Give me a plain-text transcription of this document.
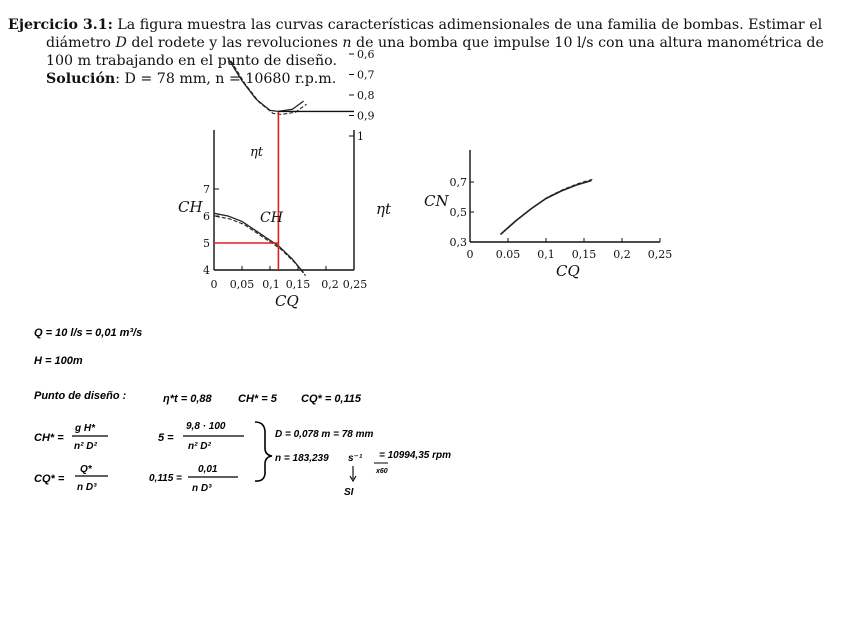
Ejercicio 3.1: La figura muestra las curvas características adimensionales de una familia de bombas. Estimar el
diámetro D del rodete y las revoluciones n de una bomba que impulse 10 l/s con una altura manométrica de
100 m trabajando en el punto de diseño.
Solución: D = 78 mm, n = 10680 r.p.m.
7
6
5
4
1
0,9
0,8
0,7
0,6
0 0,05 0,1 0,15 0,2 0,25
CH	ηt
CQ
ηt
CH
0,7
0,5
0,3
0 0.05 0,1 0,15 0,2 0,25
CN
CQ
Q = 10 l/s = 0,01 m³/s
H = 100m
Punto de diseño :	η*t = 0,88 CH* = 5 CQ* = 0,115
CH* =
g H*
n² D²
5 =
9,8 · 100
n² D²
CQ* =
Q*
n D³
0,115 =
0,01
n D³
D = 0,078 m = 78 mm
n = 183,239 s⁻¹
SI
x60
= 10994,35 rpm
